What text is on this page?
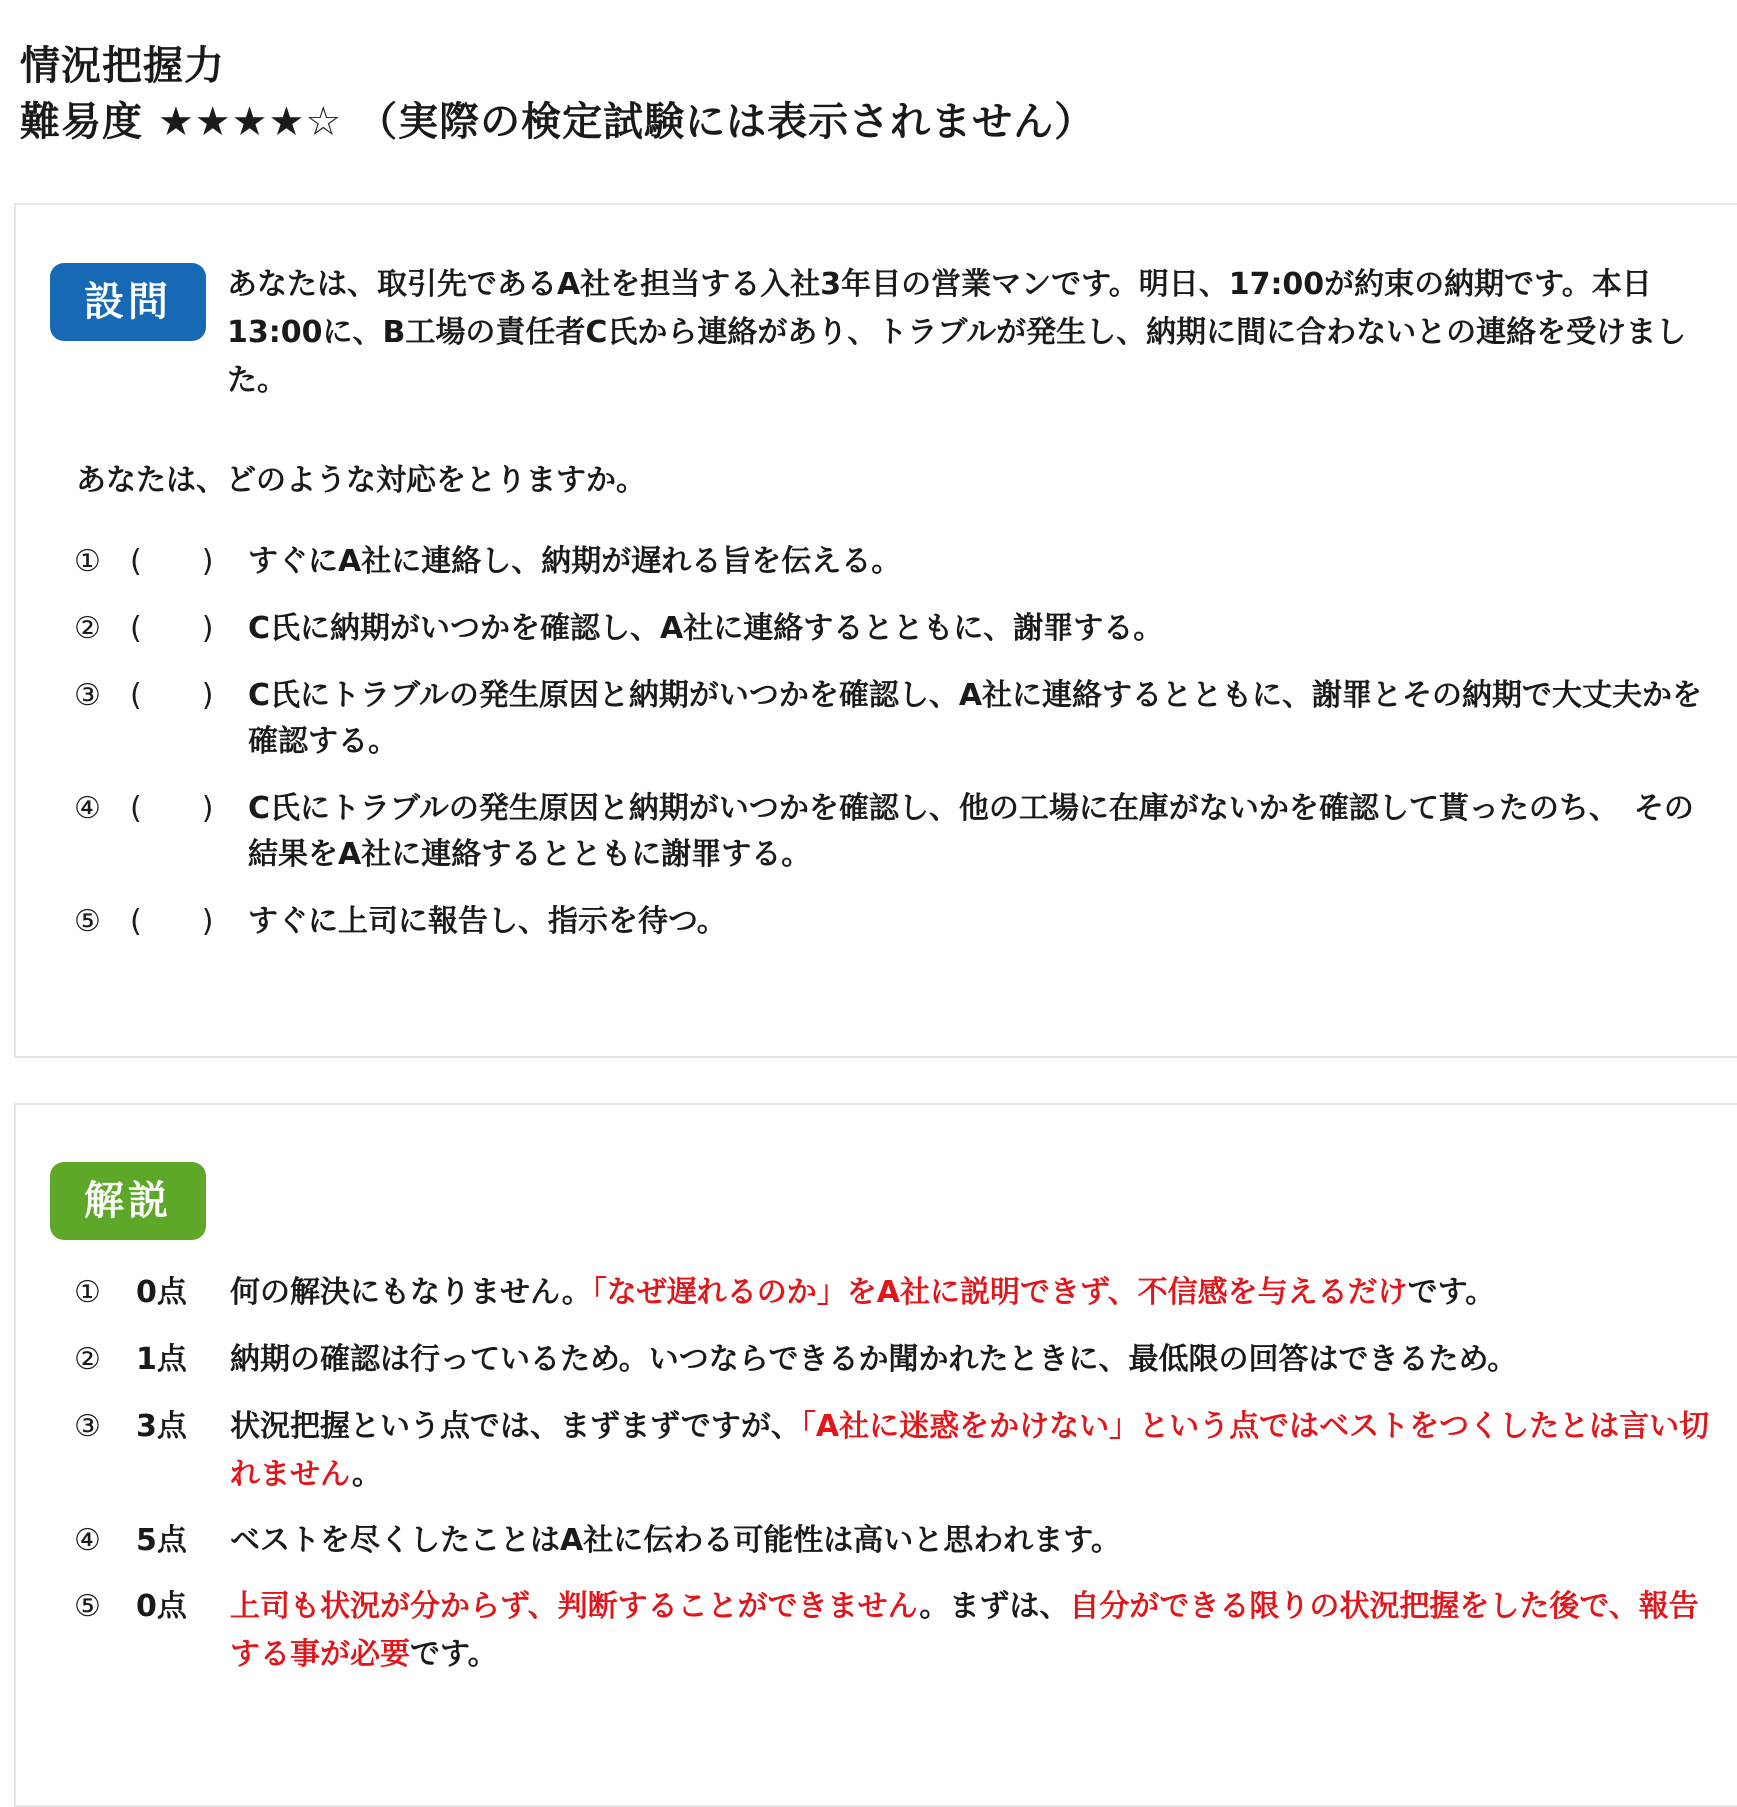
情況把握力
難易度 ★★★★☆ （実際の検定試験には表示されません）
設問	あなたは、取引先であるA社を担当する入社3年目の営業マンです。明日、17:00が約束の納期です。本日13:00に、B工場の責任者C氏から連絡があり、トラブルが発生し、納期に間に合わないとの連絡を受けました。
あなたは、どのような対応をとりますか。
① (　　)	すぐにA社に連絡し、納期が遅れる旨を伝える。
② (　　)	C氏に納期がいつかを確認し、A社に連絡するとともに、謝罪する。
③ (　　)	C氏にトラブルの発生原因と納期がいつかを確認し、A社に連絡するとともに、謝罪とその納期で大丈夫かを確認する。
④ (　　)	C氏にトラブルの発生原因と納期がいつかを確認し、他の工場に在庫がないかを確認して貰ったのち、　その結果をA社に連絡するとともに謝罪する。
⑤ (　　)	すぐに上司に報告し、指示を待つ。
解説
①	0点	何の解決にもなりません。「なぜ遅れるのか」をA社に説明できず、不信感を与えるだけです。
②	1点	納期の確認は行っているため。いつならできるか聞かれたときに、最低限の回答はできるため。
③	3点	状況把握という点では、まずまずですが、「A社に迷惑をかけない」という点ではベストをつくしたとは言い切れません。
④	5点	ベストを尽くしたことはA社に伝わる可能性は高いと思われます。
⑤	0点	上司も状況が分からず、判断することができません。まずは、自分ができる限りの状況把握をした後で、報告する事が必要です。
